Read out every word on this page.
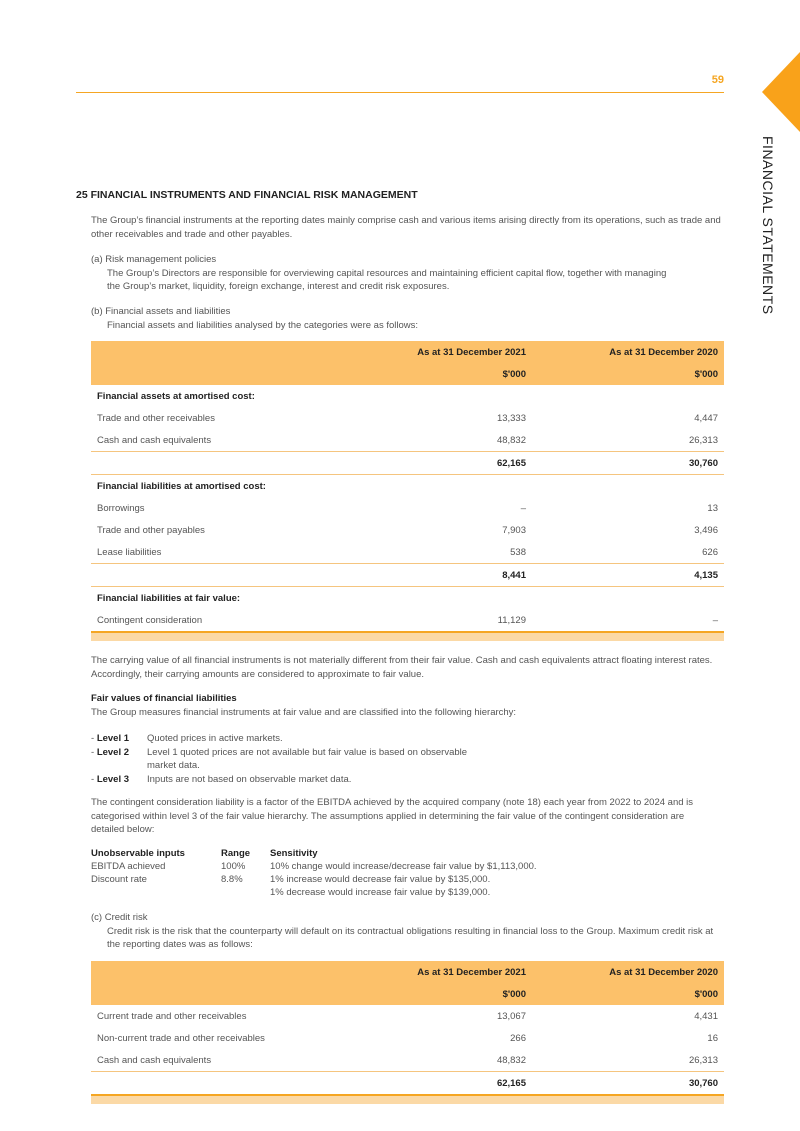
59
FINANCIAL STATEMENTS
25 FINANCIAL INSTRUMENTS AND FINANCIAL RISK MANAGEMENT
The Group’s financial instruments at the reporting dates mainly comprise cash and various items arising directly from its operations, such as trade and other receivables and trade and other payables.
(a) Risk management policies
The Group’s Directors are responsible for overviewing capital resources and maintaining efficient capital flow, together with managing the Group’s market, liquidity, foreign exchange, interest and credit risk exposures.
(b) Financial assets and liabilities
Financial assets and liabilities analysed by the categories were as follows:
	As at 31 December 2021	As at 31 December 2020
	$'000	$'000
Financial assets at amortised cost:		
Trade and other receivables	13,333	4,447
Cash and cash equivalents	48,832	26,313
	62,165	30,760
Financial liabilities at amortised cost:		
Borrowings	–	13
Trade and other payables	7,903	3,496
Lease liabilities	538	626
	8,441	4,135
Financial liabilities at fair value:		
Contingent consideration	11,129	–
The carrying value of all financial instruments is not materially different from their fair value. Cash and cash equivalents attract floating interest rates. Accordingly, their carrying amounts are considered to approximate to fair value.
Fair values of financial liabilities
The Group measures financial instruments at fair value and are classified into the following hierarchy:
- Level 1	Quoted prices in active markets.
- Level 2	Level 1 quoted prices are not available but fair value is based on observable market data.
- Level 3	Inputs are not based on observable market data.
The contingent consideration liability is a factor of the EBITDA achieved by the acquired company (note 18) each year from 2022 to 2024 and is categorised within level 3 of the fair value hierarchy. The assumptions applied in determining the fair value of the contingent consideration are detailed below:
Unobservable inputs	Range	Sensitivity
EBITDA achieved	100%	10% change would increase/decrease fair value by $1,113,000.
Discount rate	8.8%	1% increase would decrease fair value by $135,000.
1% decrease would increase fair value by $139,000.
(c) Credit risk
Credit risk is the risk that the counterparty will default on its contractual obligations resulting in financial loss to the Group. Maximum credit risk at the reporting dates was as follows:
	As at 31 December 2021	As at 31 December 2020
	$'000	$'000
Current trade and other receivables	13,067	4,431
Non-current trade and other receivables	266	16
Cash and cash equivalents	48,832	26,313
	62,165	30,760
